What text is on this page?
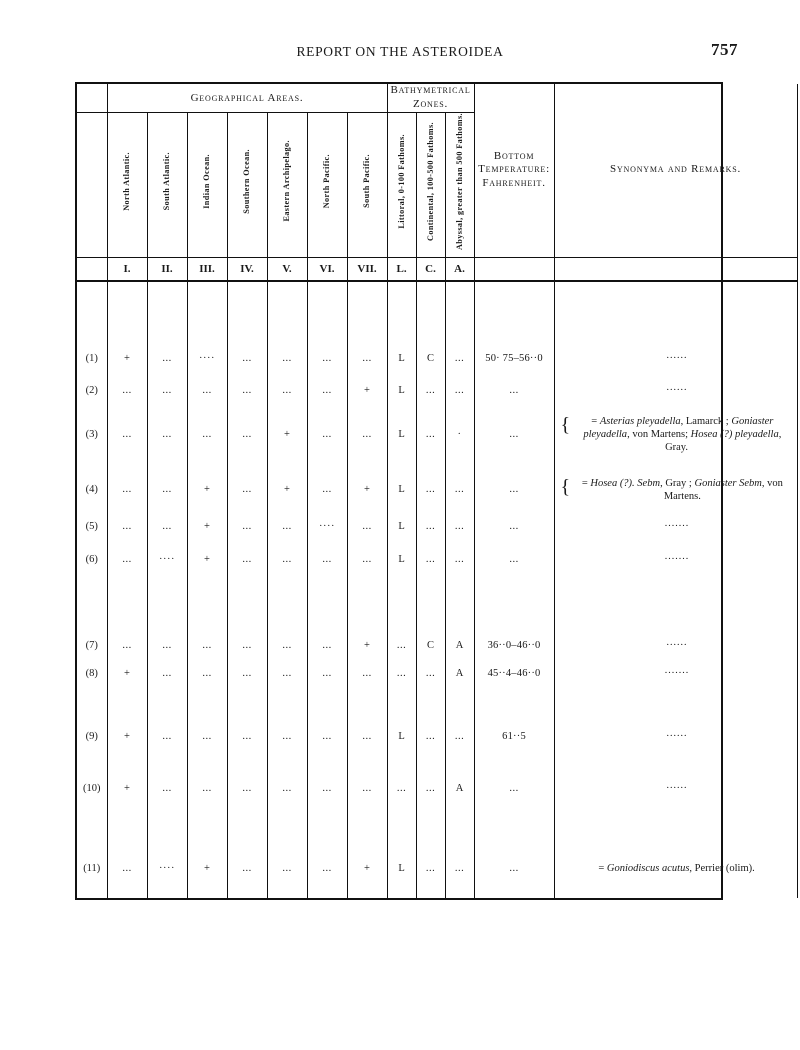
REPORT ON THE ASTEROIDEA	757
	Geographical Areas.							Bathymetrical Zones.			Bottom Temperature: Fahrenheit.	Synonyma and Remarks.
	North Atlantic.	South Atlantic.	Indian Ocean.	Southern Ocean.	Eastern Archipelago.	North Pacific.	South Pacific.	Littoral, 0-100 Fathoms.	Continental, 100-500 Fathoms.	Abyssal, greater than 500 Fathoms.		
	I.	II.	III.	IV.	V.	VI.	VII.	L.	C.	A.		

(1)	+	...	····	...	...	...	...	L	C	...	50· 75–56··0	······

(2)	...	...	...	...	...	...	+	L	...	...	...	······

(3)	...	...	...	...	+	...	...	L	...	·	...	{ = Asterias pleyadella, Lamarck ; Goniaster pleyadella, von Martens; Hosea (?) pleyadella, Gray.

(4)	...	...	+	...	+	...	+	L	...	...	...	{ = Hosea (?). Sebm, Gray ; Goniaster Sebm, von Martens.

(5)	...	...	+	...	...	····	...	L	...	...	...	·······

(6)	...	····	+	...	...	...	...	L	...	...	...	·······

(7)	...	...	...	...	...	...	+	...	C	A	36··0–46··0	······

(8)	+	...	...	...	...	...	...	...	...	A	45··4–46··0	·······

(9)	+	...	...	...	...	...	...	L	...	...	61··5	······

(10)	+	...	...	...	...	...	...	...	...	A	...	······

(11)	...	····	+	...	...	...	+	L	...	...	...	= Goniodiscus acutus, Perrier (olim).
